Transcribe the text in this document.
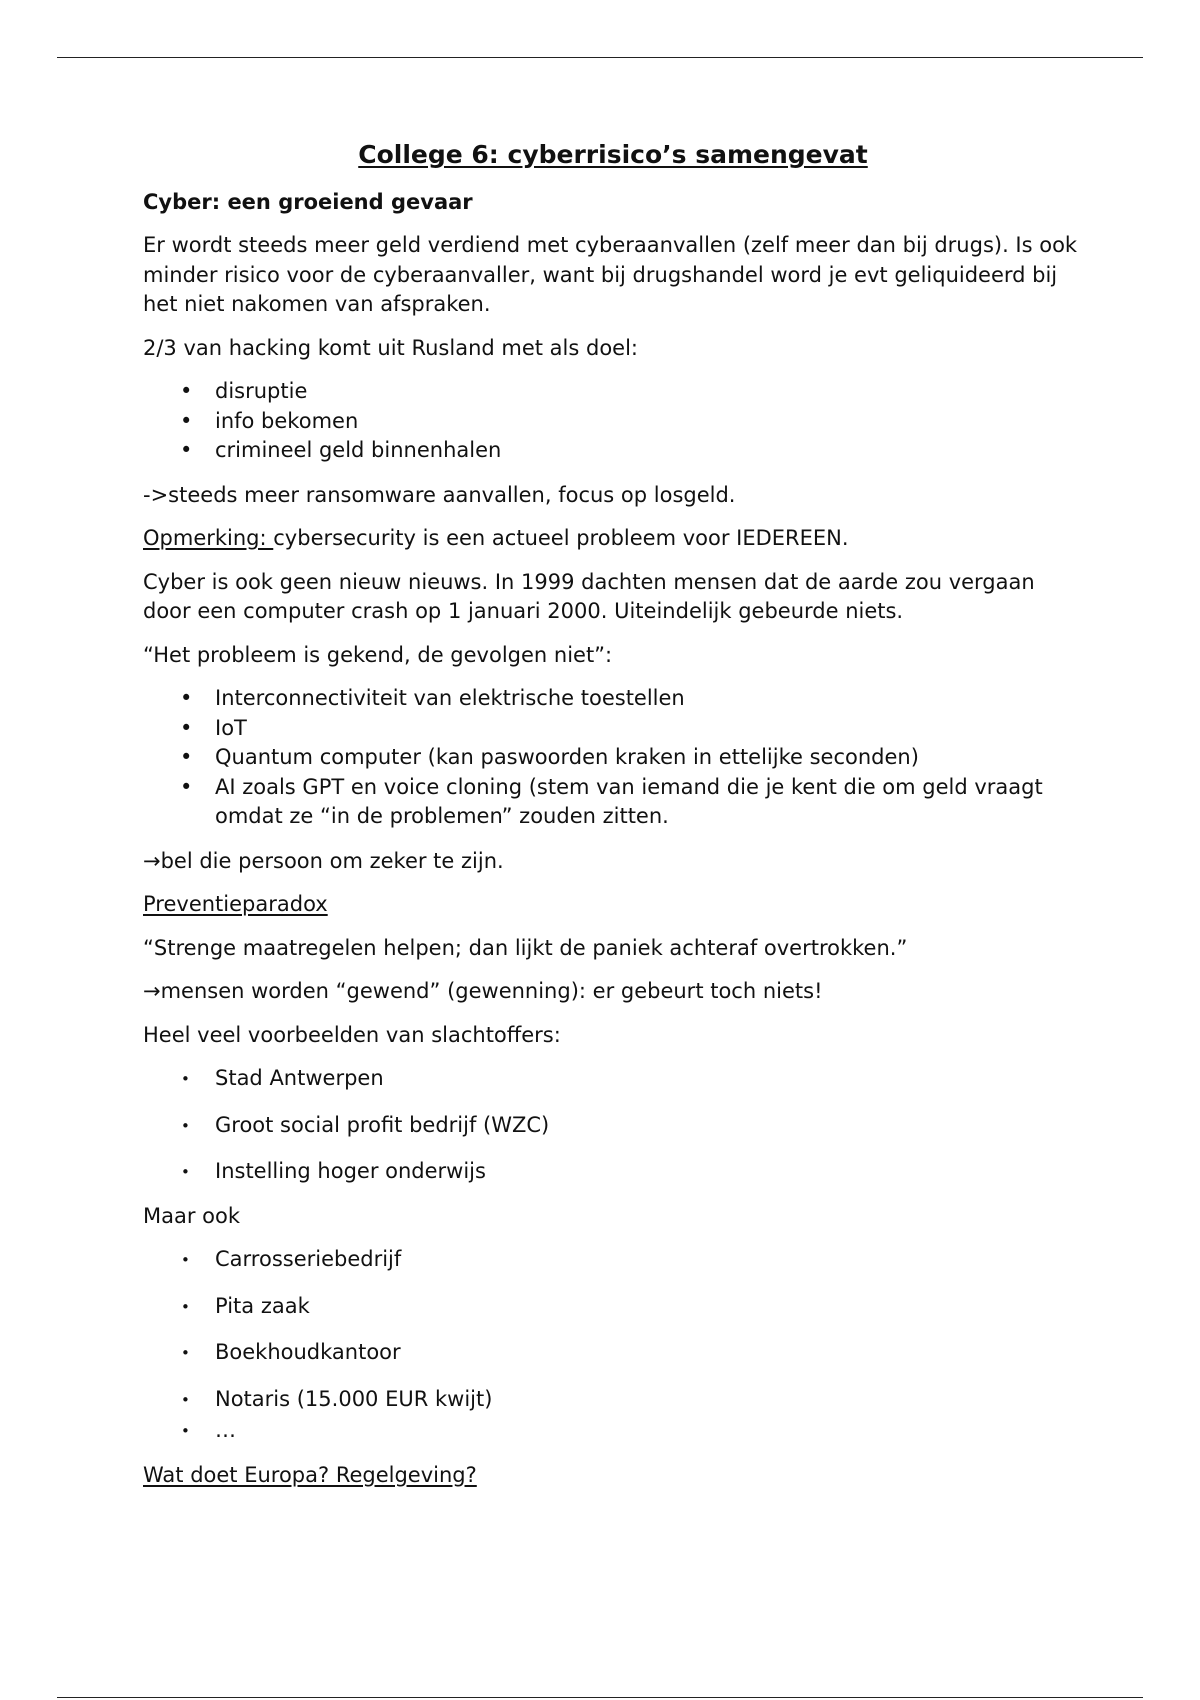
College 6: cyberrisico’s samengevat
Cyber: een groeiend gevaar

Er wordt steeds meer geld verdiend met cyberaanvallen (zelf meer dan bij drugs). Is ook minder risico voor de cyberaanvaller, want bij drugshandel word je evt geliquideerd bij het niet nakomen van afspraken.

2/3 van hacking komt uit Rusland met als doel:

• disruptie
• info bekomen
• crimineel geld binnenhalen

->steeds meer ransomware aanvallen, focus op losgeld.

Opmerking: cybersecurity is een actueel probleem voor IEDEREEN.

Cyber is ook geen nieuw nieuws. In 1999 dachten mensen dat de aarde zou vergaan door een computer crash op 1 januari 2000. Uiteindelijk gebeurde niets.

“Het probleem is gekend, de gevolgen niet”:

• Interconnectiviteit van elektrische toestellen
• IoT
• Quantum computer (kan paswoorden kraken in ettelijke seconden)
• AI zoals GPT en voice cloning (stem van iemand die je kent die om geld vraagt omdat ze “in de problemen” zouden zitten.

→bel die persoon om zeker te zijn.

Preventieparadox

“Strenge maatregelen helpen; dan lijkt de paniek achteraf overtrokken.”

→mensen worden “gewend” (gewenning): er gebeurt toch niets!

Heel veel voorbeelden van slachtoffers:

• Stad Antwerpen
• Groot social profit bedrijf (WZC)
• Instelling hoger onderwijs

Maar ook

• Carrosseriebedrijf
• Pita zaak
• Boekhoudkantoor
• Notaris (15.000 EUR kwijt)
• …

Wat doet Europa? Regelgeving?
